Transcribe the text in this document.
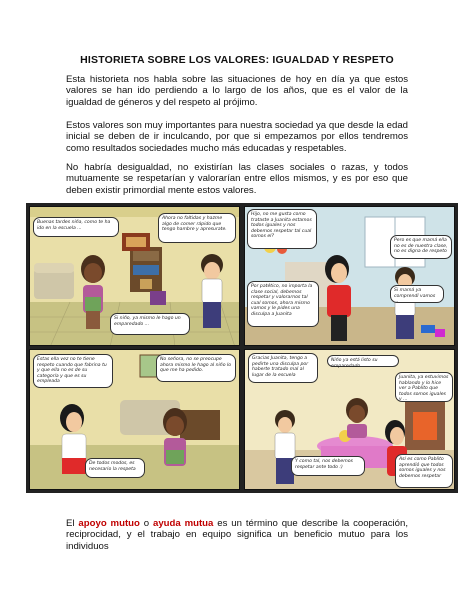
HISTORIETA SOBRE LOS VALORES: IGUALDAD Y RESPETO
Esta historieta nos habla sobre las situaciones de hoy en día ya que estos valores se han ido perdiendo a lo largo de los años, que es el valor de la igualdad de géneros y del respeto al prójimo.
Estos valores son muy importantes para nuestra sociedad ya que desde la edad inicial se deben de ir inculcando, por que si empezamos por ellos tendremos como resultados sociedades mucho más educadas y respetables.
No habría desigualdad, no existirían las clases sociales o razas, y todos mutuamente se respetarían y valorarían entre ellos mismos, y es por eso que deben existir primordial mente estos valores.
Buenas tardes niña, como te ha ido en la escuela ...
Ahora no faltidas y hazme algo de comer rápido que tengo hambre y apresurate.
Si niño, ya mismo le hago un emparedado ...
Hijo, no me gusta como trataste a Juanita estamos todos iguales y nos debemos respetar tal cual somos el?
Pero es que mamá ella no es de nuestra clase, no es digna de respeto
Por patético, no importa la clase social, debemos respetar y valorarnos tal cual somos, ahora mismo vamos y le pides una disculpa a Juanita
Si mamá ya comprendí vamos ...
Estas ella vez no te tiene respeto cuando que fabrina tu y que ella no es de su categoría y que es su empleada
No señora, no se preocupe ahora mismo le hago al niño lo que me ha pedido.
De todos modos, es necesario la respeta
Gracias Juanita, tengo a pedirte una disculpa por haberte tratado mal al lugar de la escuela
Niño ya está listo su emparedado
Juanita, ya estuvimos hablando y lo hice ver a Pablito que todos somos iguales y ...
Y como tal, nos debemos respetar ante todo :)
Así es como Pablito aprendió que todos somos iguales y nos debemos respetar
El apoyo mutuo o ayuda mutua es un término que describe la cooperación, reciprocidad, y el trabajo en equipo significa un beneficio mutuo para los individuos
